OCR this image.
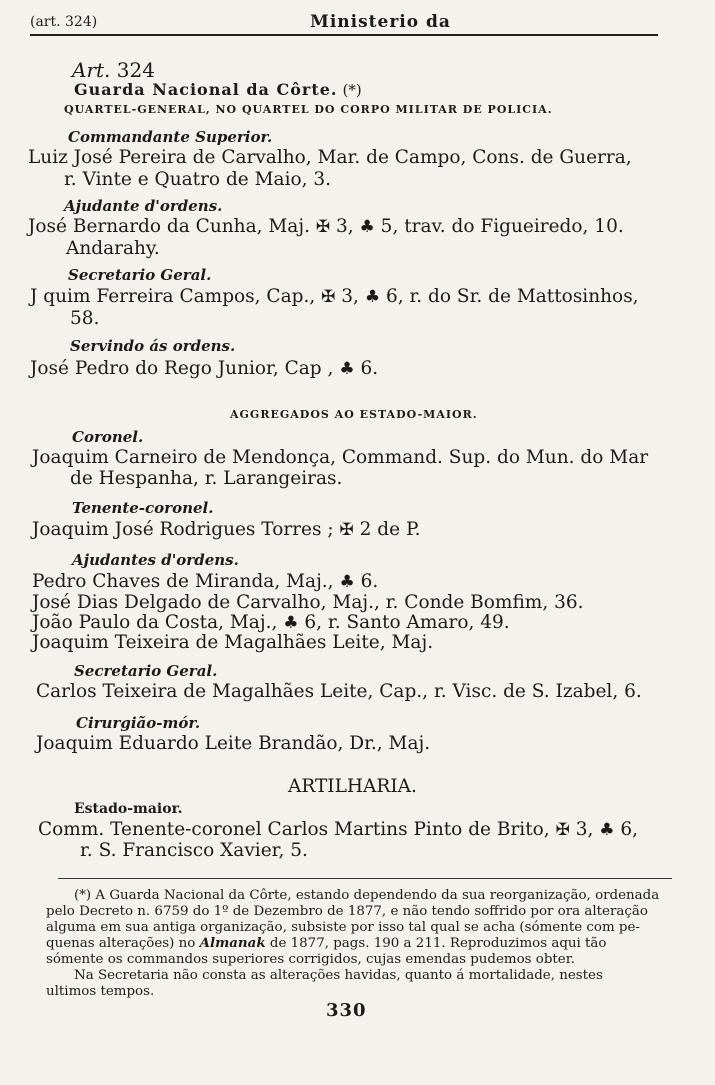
(art. 324)	Ministerio da
Art. 324
Guarda Nacional da Côrte. (*)
QUARTEL-GENERAL, NO QUARTEL DO CORPO MILITAR DE POLICIA.
Commandante Superior.
Luiz José Pereira de Carvalho, Mar. de Campo, Cons. de Guerra,
r. Vinte e Quatro de Maio, 3.
Ajudante d'ordens.
José Bernardo da Cunha, Maj. ✠ 3, ♣ 5, trav. do Figueiredo, 10.
Andarahy.
Secretario Geral.
J quim Ferreira Campos, Cap., ✠ 3, ♣ 6, r. do Sr. de Mattosinhos,
58.
Servindo ás ordens.
José Pedro do Rego Junior, Cap , ♣ 6.
AGGREGADOS AO ESTADO-MAIOR.
Coronel.
Joaquim Carneiro de Mendonça, Command. Sup. do Mun. do Mar
de Hespanha, r. Larangeiras.
Tenente-coronel.
Joaquim José Rodrigues Torres ; ✠ 2 de P.
Ajudantes d'ordens.
Pedro Chaves de Miranda, Maj., ♣ 6.
José Dias Delgado de Carvalho, Maj., r. Conde Bomfim, 36.
João Paulo da Costa, Maj., ♣ 6, r. Santo Amaro, 49.
Joaquim Teixeira de Magalhães Leite, Maj.
Secretario Geral.
Carlos Teixeira de Magalhães Leite, Cap., r. Visc. de S. Izabel, 6.
Cirurgião-mór.
Joaquim Eduardo Leite Brandão, Dr., Maj.
ARTILHARIA.
Estado-maior.
Comm. Tenente-coronel Carlos Martins Pinto de Brito, ✠ 3, ♣ 6,
r. S. Francisco Xavier, 5.
(*) A Guarda Nacional da Côrte, estando dependendo da sua reorganização, ordenada
pelo Decreto n. 6759 do 1º de Dezembro de 1877, e não tendo soffrido por ora alteração
alguma em sua antiga organização, subsiste por isso tal qual se acha (sómente com pe-
quenas alterações) no Almanak de 1877, pags. 190 a 211. Reproduzimos aqui tão
sómente os commandos superiores corrigidos, cujas emendas pudemos obter.
Na Secretaria não consta as alterações havidas, quanto á mortalidade, nestes
ultimos tempos.
330
